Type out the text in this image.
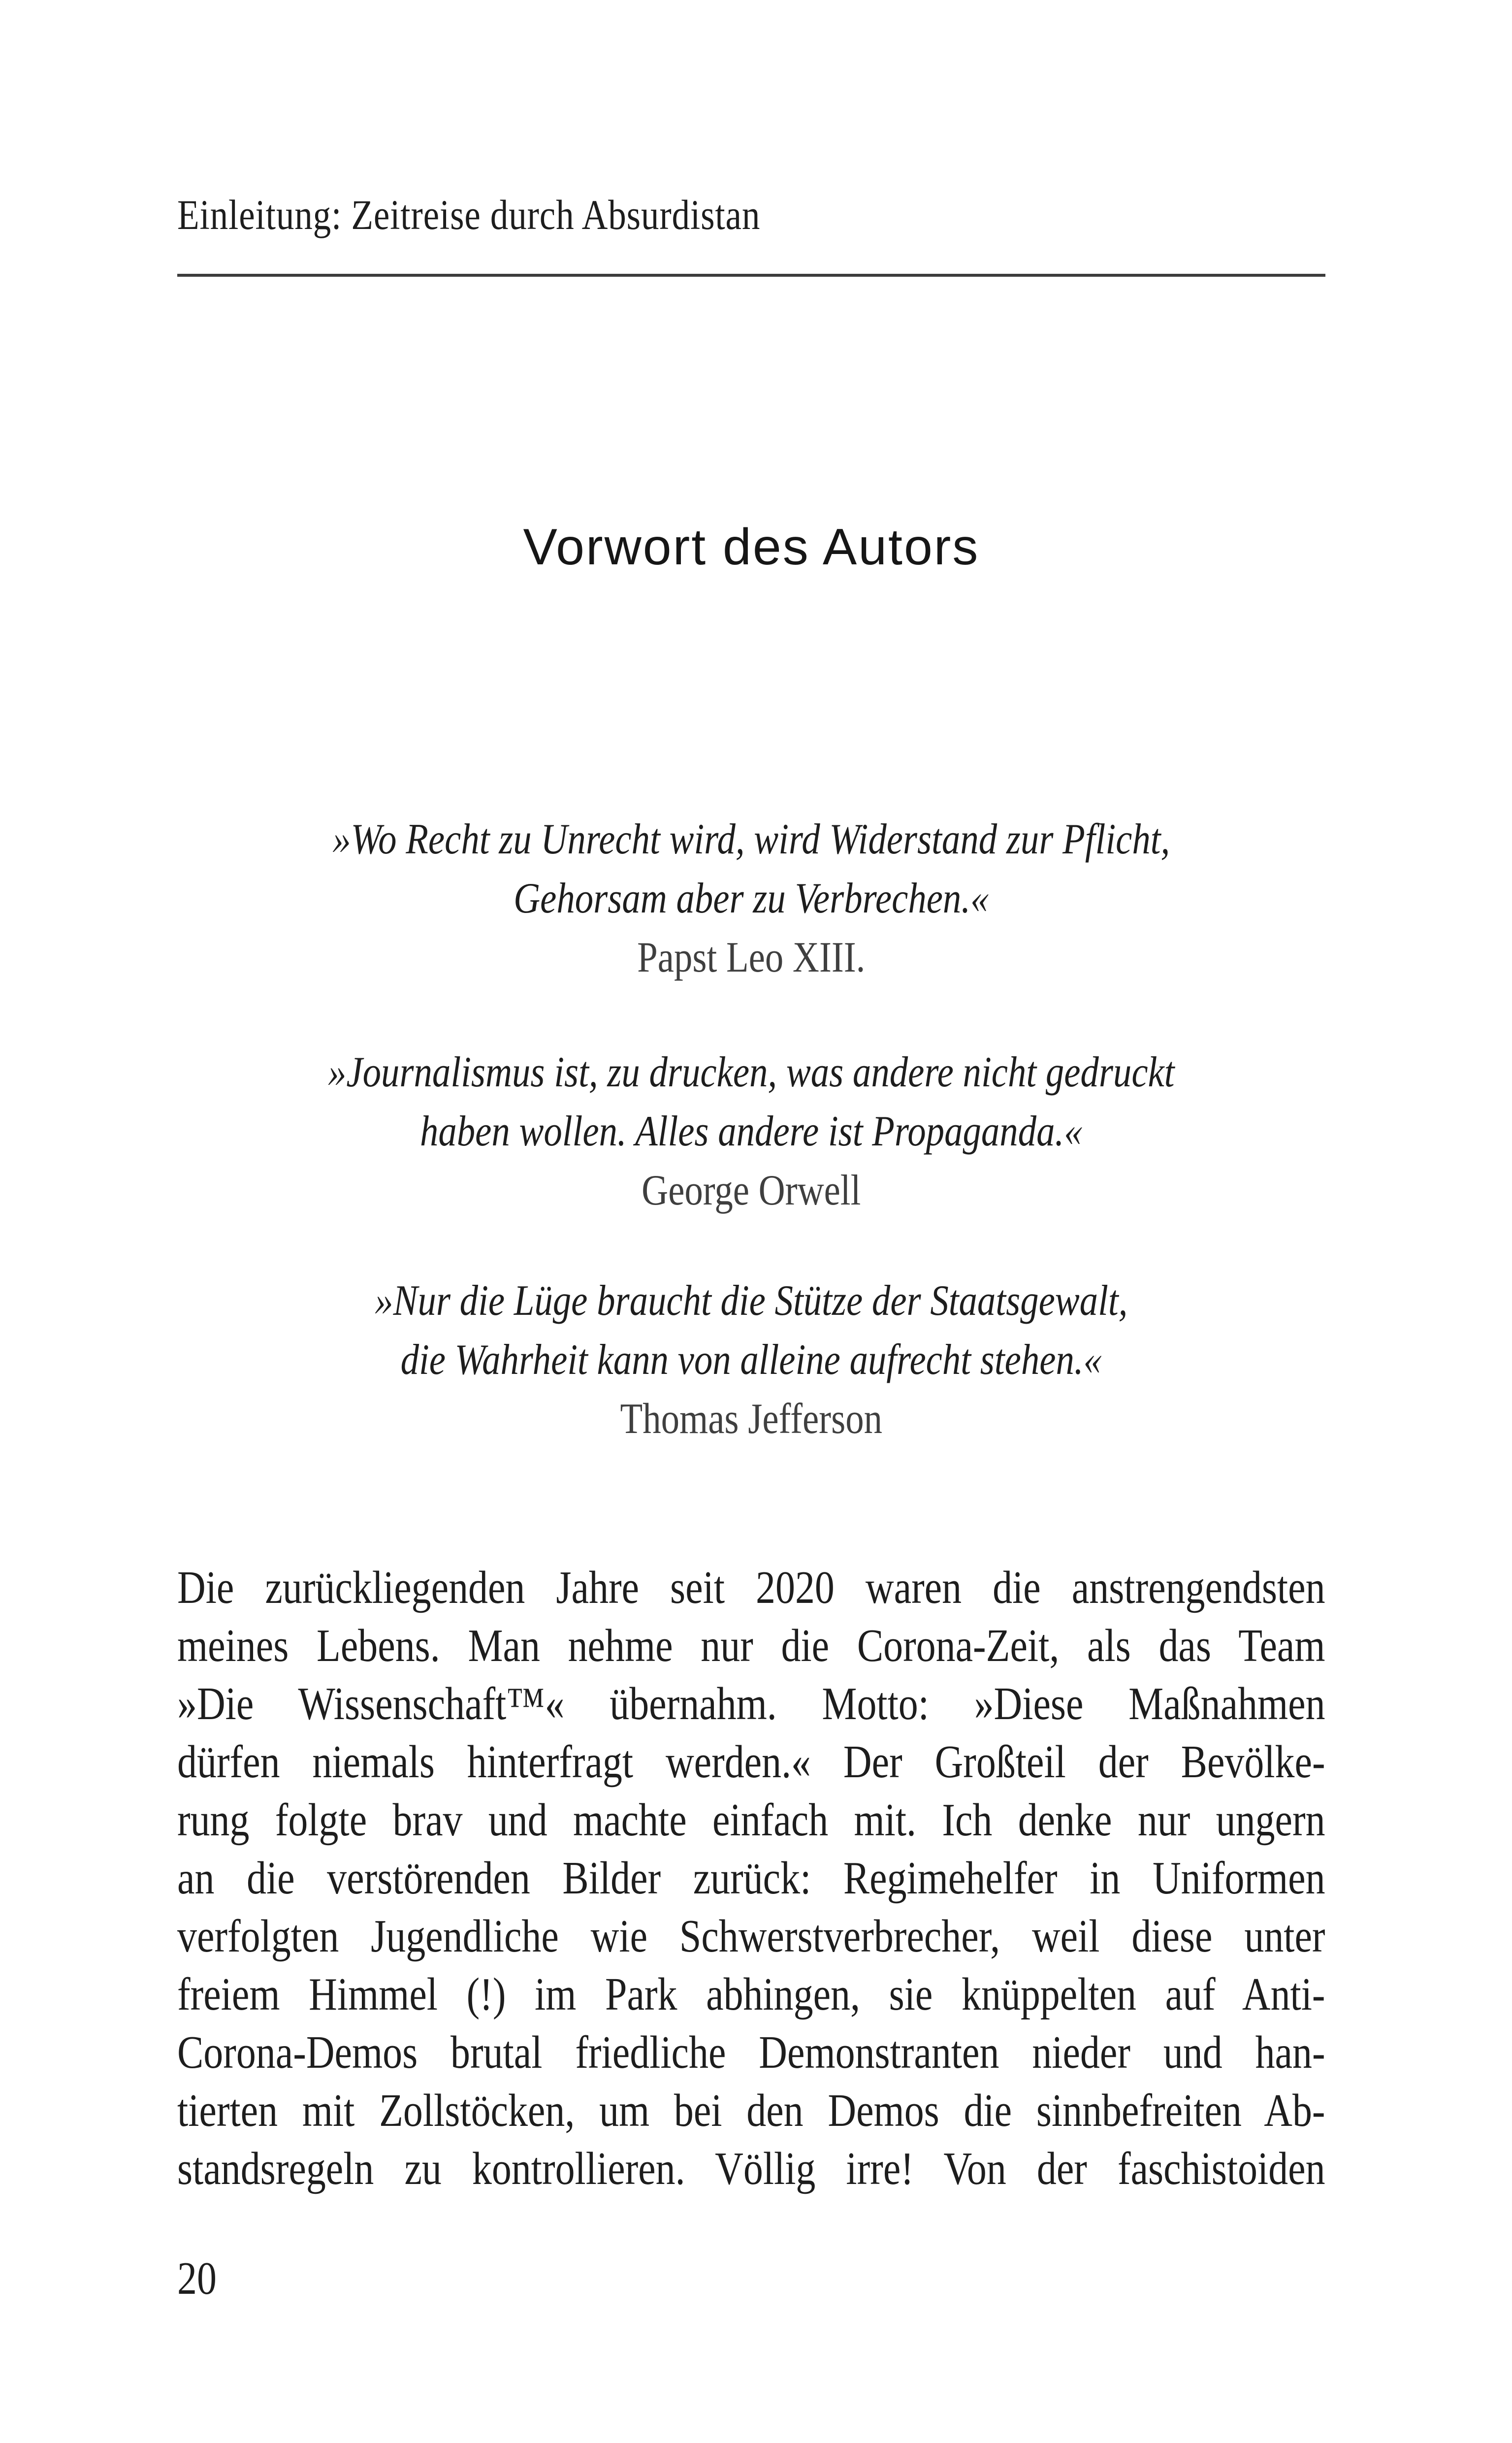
Einleitung: Zeitreise durch Absurdistan
Vorwort des Autors
»Wo Recht zu Unrecht wird, wird Widerstand zur Pflicht,
Gehorsam aber zu Verbrechen.«
Papst Leo XIII.
»Journalismus ist, zu drucken, was andere nicht gedruckt
haben wollen. Alles andere ist Propaganda.«
George Orwell
»Nur die Lüge braucht die Stütze der Staatsgewalt,
die Wahrheit kann von alleine aufrecht stehen.«
Thomas Jefferson
Die zurückliegenden Jahre seit 2020 waren die anstrengendsten
meines Lebens. Man nehme nur die Corona-Zeit, als das Team
»Die Wissenschaft™« übernahm. Motto: »Diese Maßnahmen
dürfen niemals hinterfragt werden.« Der Großteil der Bevölke-
rung folgte brav und machte einfach mit. Ich denke nur ungern
an die verstörenden Bilder zurück: Regimehelfer in Uniformen
verfolgten Jugendliche wie Schwerstverbrecher, weil diese unter
freiem Himmel (!) im Park abhingen, sie knüppelten auf Anti-
Corona-Demos brutal friedliche Demonstranten nieder und han-
tierten mit Zollstöcken, um bei den Demos die sinnbefreiten Ab-
standsregeln zu kontrollieren. Völlig irre! Von der faschistoiden
20
